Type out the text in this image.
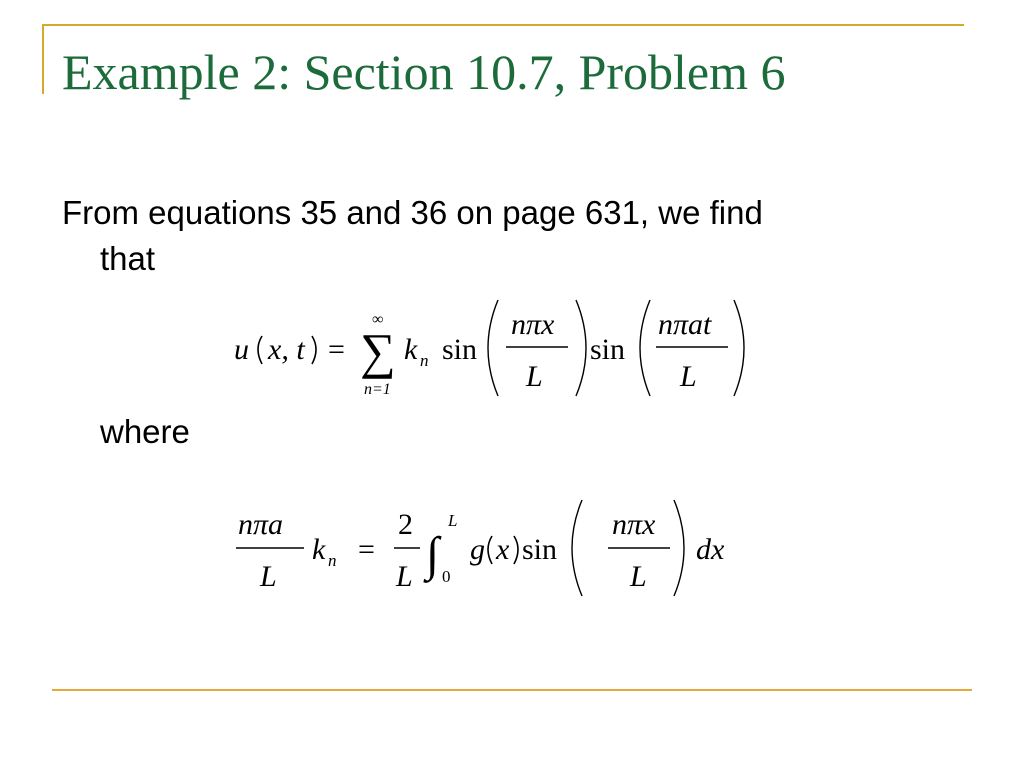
Example 2: Section 10.7, Problem 6
From equations 35 and 36 on page 631, we find
that
u x, t =
∞
∑
n=1
k n sin
nπx
L
sin
nπat
L
where
nπa
L
k n =
2
L ∫
L
0
g x sin
nπx
L
dx
